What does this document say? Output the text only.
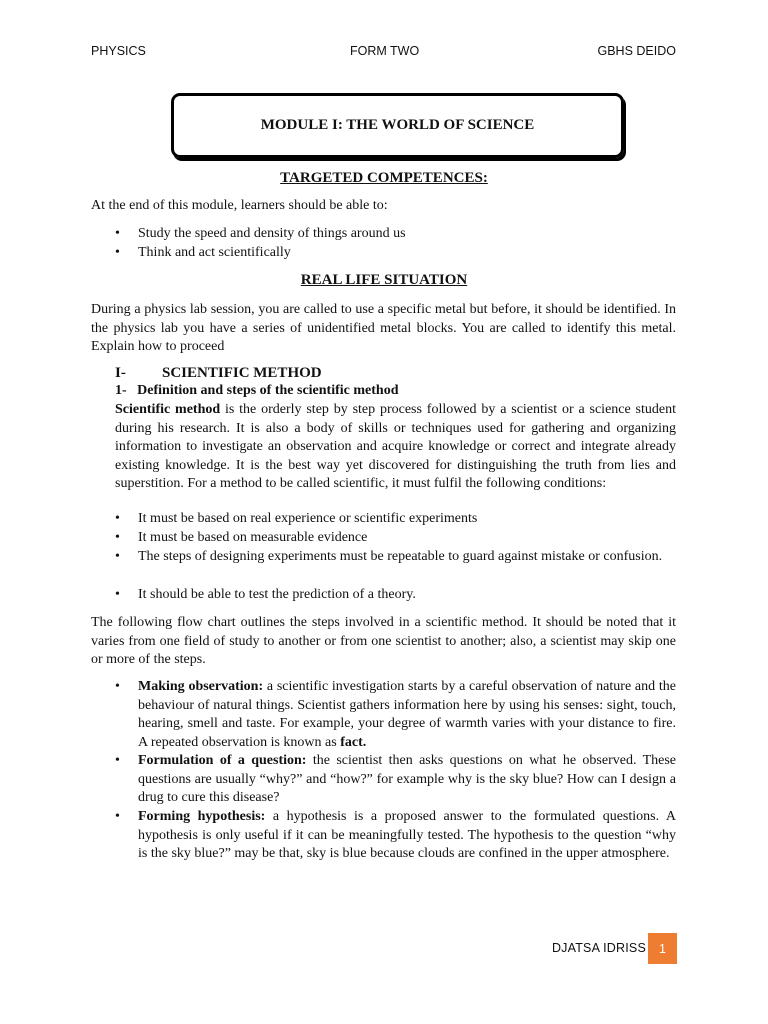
PHYSICS	FORM TWO	GBHS DEIDO
MODULE I: THE WORLD OF SCIENCE
TARGETED COMPETENCES:

At the end of this module, learners should be able to:

• Study the speed and density of things around us
• Think and act scientifically
REAL LIFE SITUATION

During a physics lab session, you are called to use a specific metal but before, it should be identified. In the physics lab you have a series of unidentified metal blocks. You are called to identify this metal. Explain how to proceed

I- SCIENTIFIC METHOD
1-   Definition and steps of the scientific method

Scientific method is the orderly step by step process followed by a scientist or a science student during his research. It is also a body of skills or techniques used for gathering and organizing information to investigate an observation and acquire knowledge or correct and integrate already existing knowledge. It is the best way yet discovered for distinguishing the truth from lies and superstition. For a method to be called scientific, it must fulfil the following conditions:

• It must be based on real experience or scientific experiments
• It must be based on measurable evidence
• The steps of designing experiments must be repeatable to guard against mistake or confusion.
• It should be able to test the prediction of a theory.

The following flow chart outlines the steps involved in a scientific method. It should be noted that it varies from one field of study to another or from one scientist to another; also, a scientist may skip one or more of the steps.

• Making observation: a scientific investigation starts by a careful observation of nature and the behaviour of natural things. Scientist gathers information here by using his senses: sight, touch, hearing, smell and taste. For example, your degree of warmth varies with your distance to fire. A repeated observation is known as fact.
• Formulation of a question: the scientist then asks questions on what he observed. These questions are usually “why?” and “how?” for example why is the sky blue? How can I design a drug to cure this disease?
• Forming hypothesis: a hypothesis is a proposed answer to the formulated questions. A hypothesis is only useful if it can be meaningfully tested. The hypothesis to the question “why is the sky blue?” may be that, sky is blue because clouds are confined in the upper atmosphere.
DJATSA IDRISS	1
